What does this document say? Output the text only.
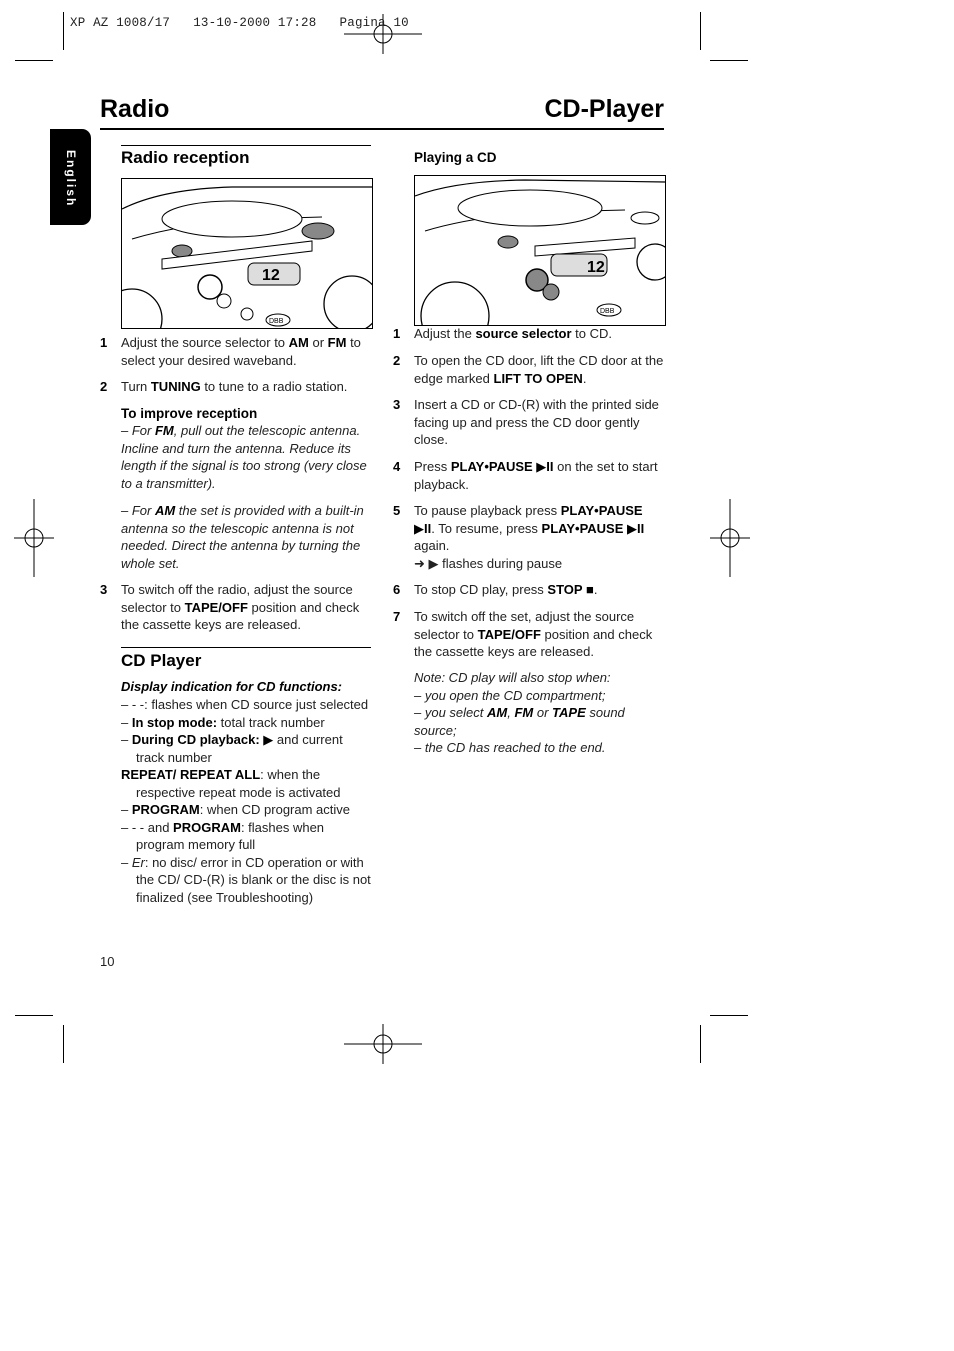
XP AZ 1008/17   13-10-2000 17:28   Pagina 10
Radio	CD-Player
English	Radio reception
12
DBB
1 Adjust the source selector to AM or FM to select your desired waveband.
2 Turn TUNING to tune to a radio station.
To improve reception
– For FM, pull out the telescopic antenna. Incline and turn the antenna. Reduce its length if the signal is too strong (very close to a transmitter).
– For AM the set is provided with a built-in antenna so the telescopic antenna is not needed. Direct the antenna by turning the whole set.
3 To switch off the radio, adjust the source selector to TAPE/OFF position and check the cassette keys are released.
CD Player
Display indication for CD functions:
– - -: flashes when CD source just selected
– In stop mode: total track number
– During CD playback: ▶ and current track number
REPEAT/ REPEAT ALL: when the respective repeat mode is activated
– PROGRAM: when CD program active
– - - and PROGRAM: flashes when program memory full
– Er: no disc/ error in CD operation or with the CD/ CD-(R) is blank or the disc is not finalized (see Troubleshooting)
10
Playing a CD
12
DBB
1 Adjust the source selector to CD.
2 To open the CD door, lift the CD door at the edge marked LIFT TO OPEN.
3 Insert a CD or CD-(R) with the printed side facing up and press the CD door gently close.
4 Press PLAY•PAUSE ▶II on the set to start playback.
5 To pause playback press PLAY•PAUSE ▶II. To resume, press PLAY•PAUSE ▶II again.
➜ ▶ flashes during pause
6 To stop CD play, press STOP ■.
7 To switch off the set, adjust the source selector to TAPE/OFF position and check the cassette keys are released.
Note: CD play will also stop when:
– you open the CD compartment;
– you select AM, FM or TAPE sound source;
– the CD has reached to the end.
